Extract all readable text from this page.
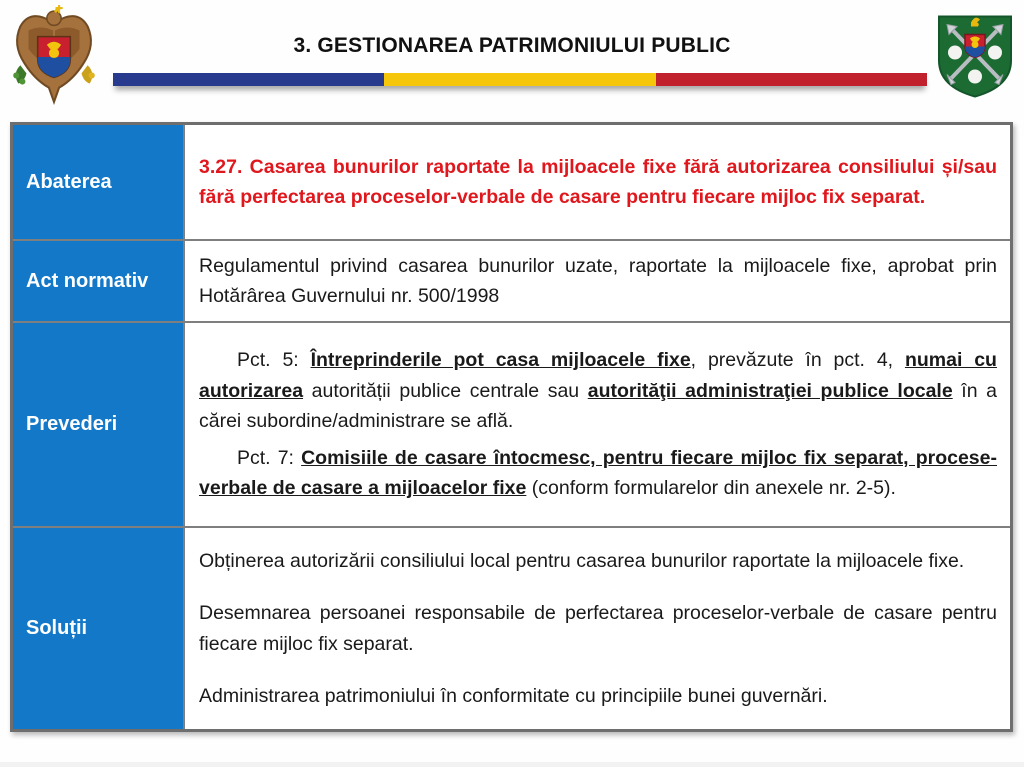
3. GESTIONAREA PATRIMONIULUI PUBLIC
Abaterea

3.27. Casarea bunurilor raportate la mijloacele fixe fără autorizarea consiliului și/sau fără perfectarea proceselor-verbale de casare pentru fiecare mijloc fix separat.

Act normativ

Regulamentul privind casarea bunurilor uzate, raportate la mijloacele fixe, aprobat prin Hotărârea Guvernului nr. 500/1998

Prevederi

Pct. 5: Întreprinderile pot casa mijloacele fixe, prevăzute în pct. 4, numai cu autorizarea autorității publice centrale sau autorităţii administraţiei publice locale în a cărei subordine/administrare se află.

Pct. 7: Comisiile de casare întocmesc, pentru fiecare mijloc fix separat, procese-verbale de casare a mijloacelor fixe (conform formularelor din anexele nr. 2-5).

Soluții

Obținerea autorizării consiliului local pentru casarea bunurilor raportate la mijloacele fixe.

Desemnarea persoanei responsabile de perfectarea proceselor-verbale de casare pentru fiecare mijloc fix separat.

Administrarea patrimoniului în conformitate cu principiile bunei guvernări.
